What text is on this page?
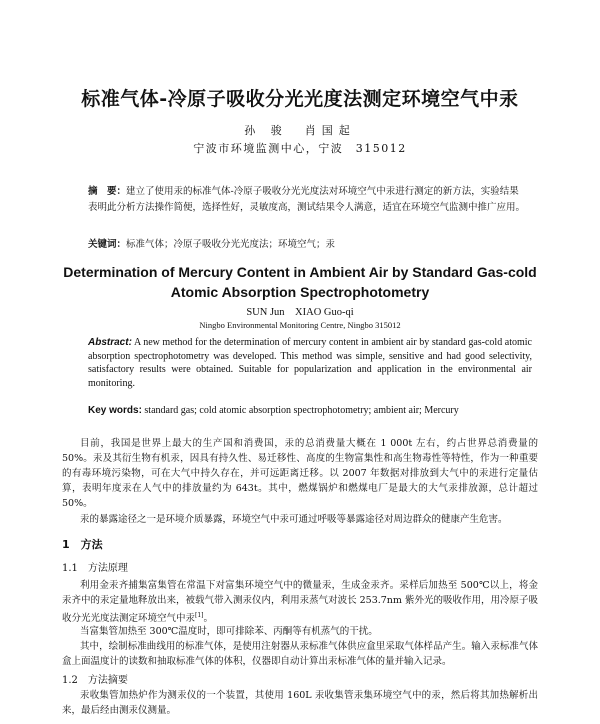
标准气体-冷原子吸收分光光度法测定环境空气中汞
孙 骏　肖国起
宁波市环境监测中心，宁波　315012
摘　要：建立了使用汞的标准气体-冷原子吸收分光光度法对环境空气中汞进行测定的新方法，实验结果表明此分析方法操作简便，选择性好，灵敏度高，测试结果令人满意，适宜在环境空气监测中推广应用。
关键词：标准气体；冷原子吸收分光光度法；环境空气；汞
Determination of Mercury Content in Ambient Air by Standard Gas-cold Atomic Absorption Spectrophotometry
SUN Jun　XIAO Guo-qi
Ningbo Environmental Monitoring Centre, Ningbo 315012
Abstract: A new method for the determination of mercury content in ambient air by standard gas-cold atomic absorption spectrophotometry was developed. This method was simple, sensitive and had good selectivity, satisfactory results were obtained. Suitable for popularization and application in the environmental air monitoring.
Key words: standard gas; cold atomic absorption spectrophotometry; ambient air; Mercury
目前，我国是世界上最大的生产国和消费国，汞的总消费量大概在 1 000t 左右，约占世界总消费量的 50%。汞及其衍生物有机汞，因具有持久性、易迁移性、高度的生物富集性和高生物毒性等特性，作为一种重要的有毒环境污染物，可在大气中持久存在，并可远距离迁移。以 2007 年数据对排放到大气中的汞进行定量估算，表明年度汞在人气中的排放量约为 643t。其中，燃煤锅炉和燃煤电厂是最大的大气汞排放源，总计超过 50%。
汞的暴露途径之一是环境介质暴露，环境空气中汞可通过呼吸等暴露途径对周边群众的健康产生危害。
1　方法
1.1　方法原理
利用金汞齐捕集富集管在常温下对富集环境空气中的微量汞，生成金汞齐。采样后加热至 500℃以上，将金汞齐中的汞定量地释放出来，被载气带入测汞仪内，利用汞蒸气对波长 253.7nm 紫外光的吸收作用，用冷原子吸收分光光度法测定环境空气中汞[1]。
当富集管加热至 300℃温度时，即可排除苯、丙酮等有机蒸气的干扰。
其中，绘制标准曲线用的标准气体，是使用注射器从汞标准气体供应盒里采取气体样品产生。输入汞标准气体盒上面温度计的读数和抽取标准气体的体积，仪器即自动计算出汞标准气体的量并输入记录。
1.2　方法摘要
汞收集管加热炉作为测汞仪的一个装置，其使用 160L 汞收集管汞集环境空气中的汞，然后将其加热解析出来，最后经由测汞仪测量。
